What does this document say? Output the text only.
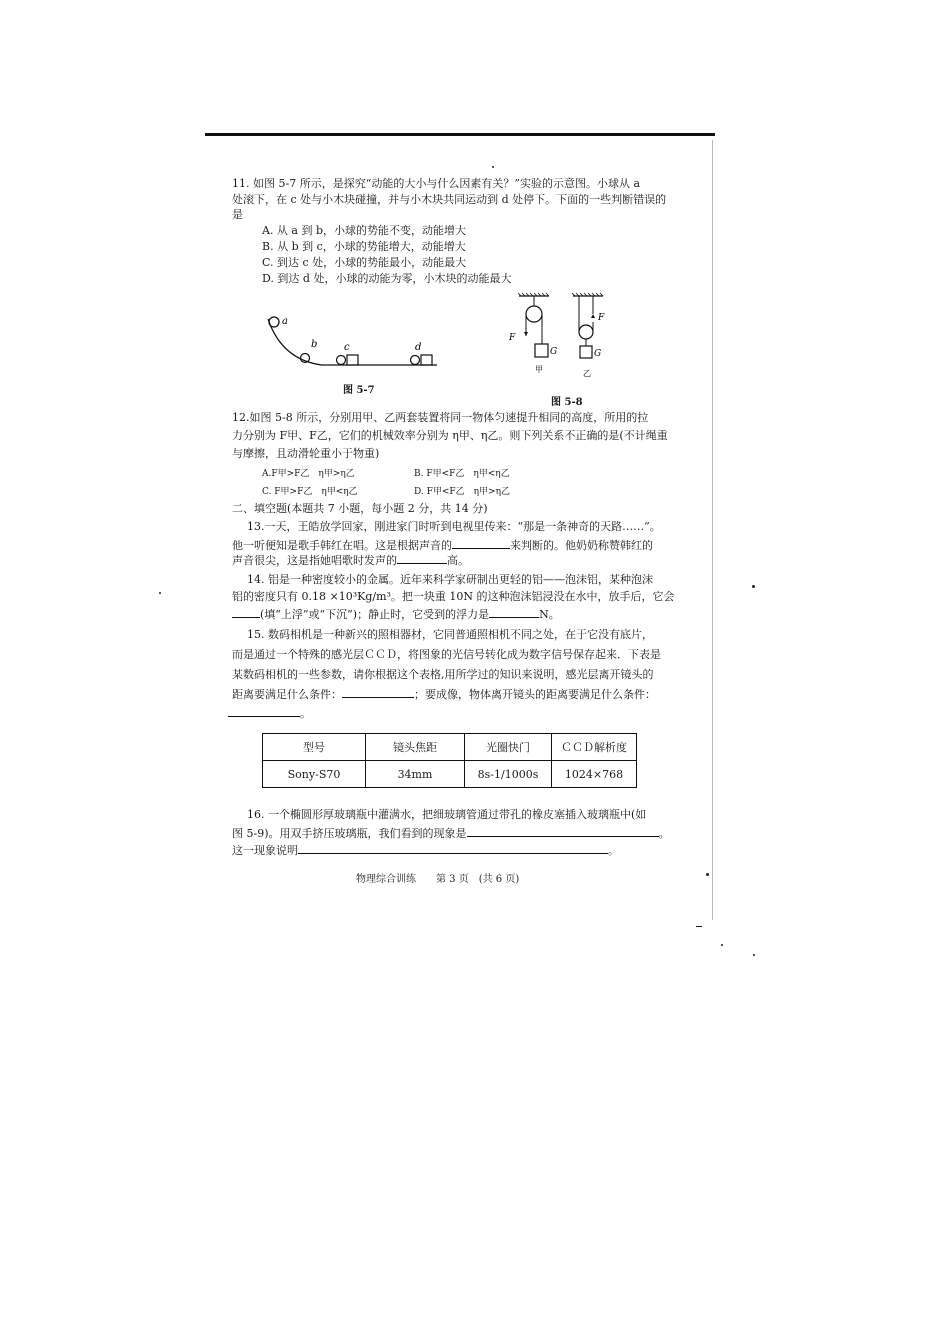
11. 如图 5-7 所示，是探究“动能的大小与什么因素有关？”实验的示意图。小球从 a
处滚下，在 c 处与小木块碰撞，并与小木块共同运动到 d 处停下。下面的一些判断错误的
是
A. 从 a 到 b，小球的势能不变，动能增大
B. 从 b 到 c，小球的势能增大，动能增大
C. 到达 c 处，小球的势能最小，动能最大
D. 到达 d 处，小球的动能为零，小木块的动能最大
a
b	c	d
图 5-7
F
G
甲
F
G
乙
图 5-8
12.如图 5-8 所示，分别用甲、乙两套装置将同一物体匀速提升相同的高度，所用的拉
力分别为 F甲、F乙，它们的机械效率分别为 η甲、η乙。则下列关系不正确的是(不计绳重
与摩擦，且动滑轮重小于物重)
A.F甲>F乙　η甲>η乙	B. F甲<F乙　η甲<η乙
C. F甲>F乙　η甲<η乙	D. F甲<F乙　η甲>η乙
二、填空题(本题共 7 小题，每小题 2 分，共 14 分)
13.一天，王皓放学回家，刚进家门时听到电视里传来：“那是一条神奇的天路……”。
他一听便知是歌手韩红在唱。这是根据声音的	来判断的。他奶奶称赞韩红的
声音很尖，这是指她唱歌时发声的	高。
14. 铝是一种密度较小的金属。近年来科学家研制出更轻的铝——泡沫铝，某种泡沫
铝的密度只有 0.18 ×10³Kg/m³。把一块重 10N 的这种泡沫铝浸没在水中，放手后，它会
(填“上浮”或“下沉”)；静止时，它受到的浮力是	N。
15. 数码相机是一种新兴的照相器材，它同普通照相机不同之处，在于它没有底片，
而是通过一个特殊的感光层ＣＣＤ，将图象的光信号转化成为数字信号保存起来．下表是
某数码相机的一些参数，请你根据这个表格,用所学过的知识来说明，感光层离开镜头的
距离要满足什么条件：	；要成像，物体离开镜头的距离要满足什么条件：
。
型号	镜头焦距	光圈快门	ＣＣＤ解析度
Sony-S70	34mm	8s-1/1000s	1024×768
16. 一个椭圆形厚玻璃瓶中灌满水，把细玻璃管通过带孔的橡皮塞插入玻璃瓶中(如
图 5-9)。用双手挤压玻璃瓶，我们看到的现象是	。
这一现象说明	。
物理综合训练　　第 3 页　(共 6 页)
